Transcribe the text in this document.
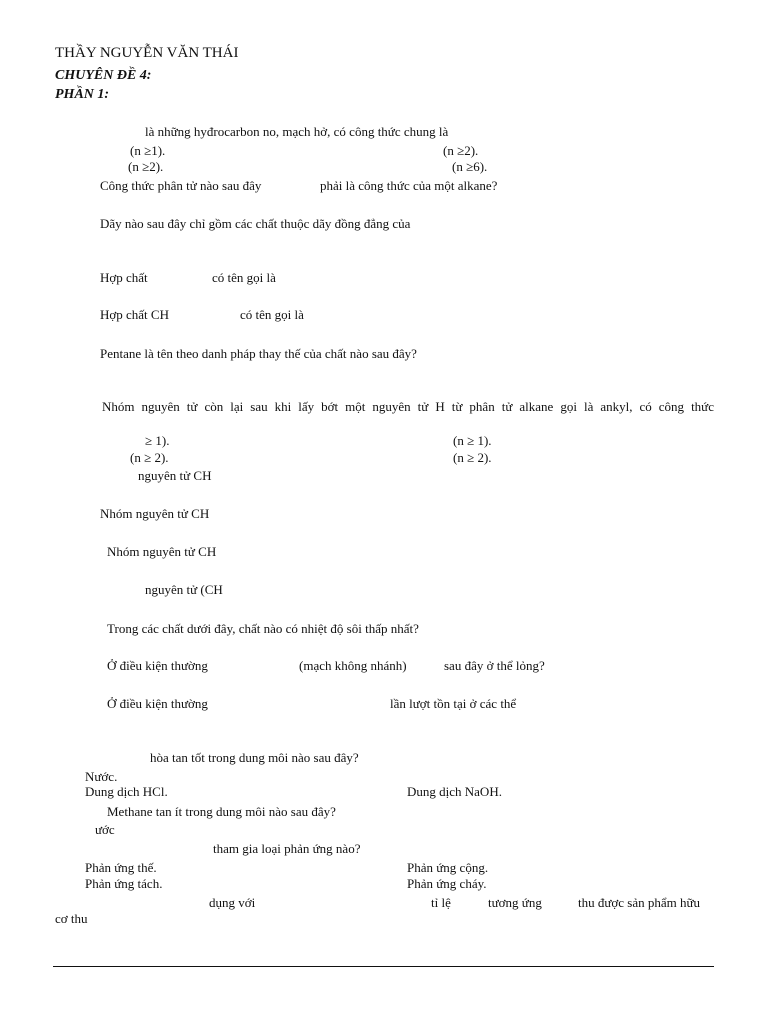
THẦY NGUYỄN VĂN THÁI
CHUYÊN ĐỀ 4:
PHẦN 1:
là những hyđrocarbon no, mạch hở, có công thức chung là
(n ≥1).	(n ≥2).
(n ≥2).	(n ≥6).
Công thức phân tử nào sau đây	phải là công thức của một alkane?
Dãy nào sau đây chỉ gồm các chất thuộc dãy đồng đẳng của
Hợp chất	có tên gọi là
Hợp chất CH	có tên gọi là
Pentane là tên theo danh pháp thay thế của chất nào sau đây?
Nhóm nguyên tử còn lại sau khi lấy bớt một nguyên tử H từ phân tử alkane gọi là ankyl, có công thức
≥ 1).	(n ≥ 1).
(n ≥ 2).	(n ≥ 2).
nguyên tử CH
Nhóm nguyên tử CH
Nhóm nguyên tử CH
nguyên tử (CH
Trong các chất dưới đây, chất nào có nhiệt độ sôi thấp nhất?
Ở điều kiện thường	(mạch không nhánh)	sau đây ở thể lỏng?
Ở điều kiện thường	lần lượt tồn tại ở các thể
hòa tan tốt trong dung môi nào sau đây?
Nước.
Dung dịch HCl.	Dung dịch NaOH.
Methane tan ít trong dung môi nào sau đây?
ước
tham gia loại phản ứng nào?
Phản ứng thế.	Phản ứng cộng.
Phản ứng tách.	Phản ứng cháy.
dụng với	tỉ lệ	tương ứng	thu được sản phẩm hữu
cơ thu
